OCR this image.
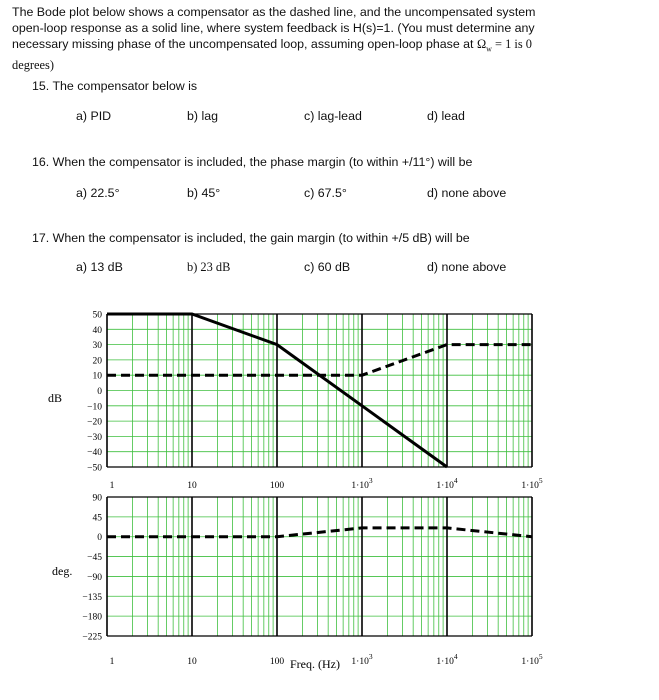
The Bode plot below shows a compensator as the dashed line, and the uncompensated system
open-loop response as a solid line, where system feedback is H(s)=1. (You must determine any
necessary missing phase of the uncompensated loop, assuming open-loop phase at $\Omega_w = 1$ is 0
degrees)
15. The compensator below is
a) PID	b) lag	c) lag-lead	d) lead
16. When the compensator is included, the phase margin (to within +/11°) will be
a) 22.5°	b) 45°	c) 67.5°	d) none above
17. When the compensator is included, the gain margin (to within +/5 dB) will be
a) 13 dB	b) 23 dB	c) 60 dB	d) none above
50
40
30
20
10
0
−10
−20
−30
−40
−50
1	10	100	$1\cdot 10^3$
$1\cdot 10^4$
$1\cdot 10^5$
90
45
0
−45
−90
−135
−180
−225
1	10	100	$1\cdot 10^3$
$1\cdot 10^4$
$1\cdot 10^5$
dB
deg.
Freq. (Hz)
